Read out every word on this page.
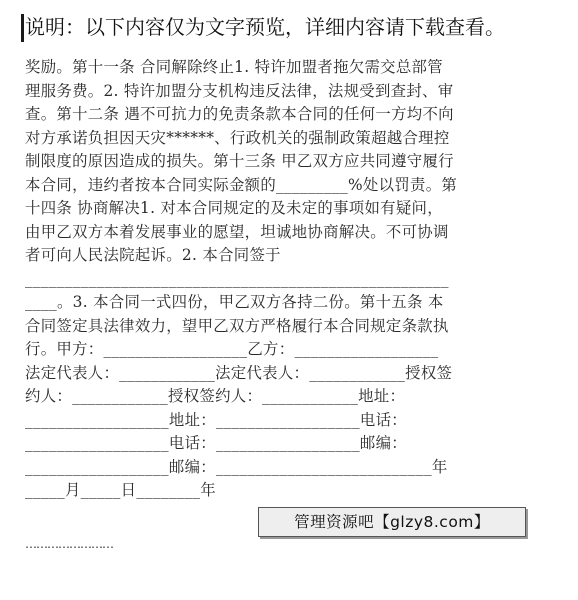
说明：以下内容仅为文字预览，详细内容请下载查看。

奖励。第十一条 合同解除终止1. 特许加盟者拖欠需交总部管

理服务费。2. 特许加盟分支机构违反法律，法规受到查封、审

查。第十二条 遇不可抗力的免责条款本合同的任何一方均不向

对方承诺负担因天灾******、行政机关的强制政策超越合理控

制限度的原因造成的损失。第十三条 甲乙双方应共同遵守履行

本合同，违约者按本合同实际金额的_________%处以罚责。第

十四条 协商解决1. 对本合同规定的及未定的事项如有疑问，

由甲乙双方本着发展事业的愿望，坦诚地协商解决。不可协调

者可向人民法院起诉。2. 本合同签于

_____________________________________________________

____。3. 本合同一式四份，甲乙双方各持二份。第十五条 本

合同签定具法律效力，望甲乙双方严格履行本合同规定条款执

行。甲方：__________________乙方：__________________

法定代表人：____________法定代表人：____________授权签

约人：____________授权签约人：____________地址：

__________________地址：__________________电话：

__________________电话：__________________邮编：

__________________邮编：___________________________年

_____月_____日________年

管理资源吧【glzy8.com】
……………………
